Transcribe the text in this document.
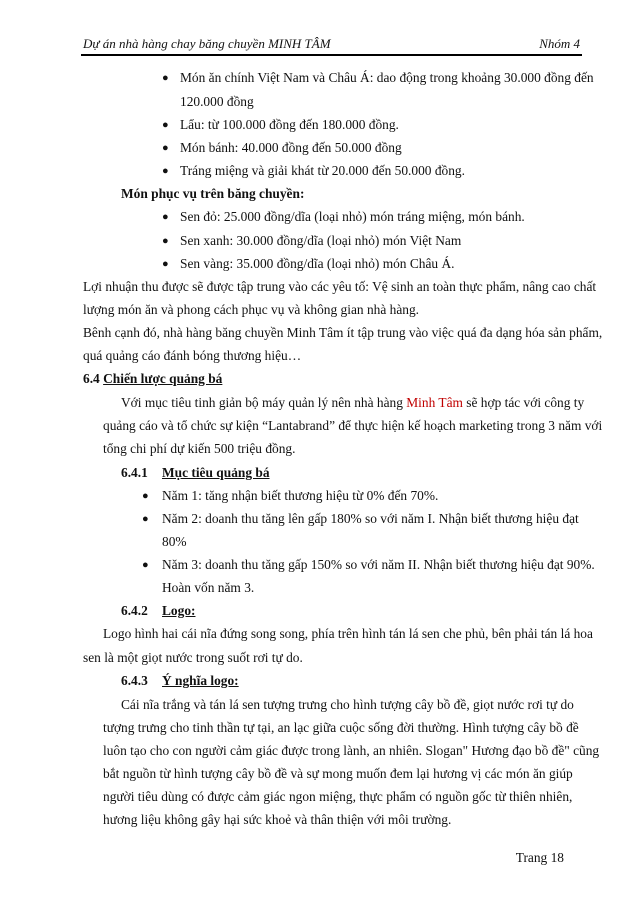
Dự án nhà hàng chay băng chuyền MINH TÂM	Nhóm 4
● Món ăn chính Việt Nam và Châu Á: dao động trong khoảng 30.000 đồng đến
120.000 đồng
● Lẩu: từ 100.000 đồng đến 180.000 đồng.
● Món bánh: 40.000 đồng đến 50.000 đồng
● Tráng miệng và giải khát từ 20.000 đến 50.000 đồng.
Món phục vụ trên băng chuyền:
● Sen đỏ: 25.000 đồng/dĩa (loại nhỏ) món tráng miệng, món bánh.
● Sen xanh: 30.000 đồng/dĩa (loại nhỏ) món Việt Nam
● Sen vàng: 35.000 đồng/dĩa (loại nhỏ) món Châu Á.
Lợi nhuận thu được sẽ được tập trung vào các yêu tố: Vệ sinh an toàn thực phẩm, nâng cao chất
lượng món ăn và phong cách phục vụ và không gian nhà hàng.
Bênh cạnh đó, nhà hàng băng chuyền Minh Tâm ít tập trung vào việc quá đa dạng hóa sản phẩm,
quá quảng cáo đánh bóng thương hiệu…
6.4 Chiến lược quảng bá
Với mục tiêu tinh giản bộ máy quản lý nên nhà hàng Minh Tâm sẽ hợp tác với công ty
quảng cáo và tổ chức sự kiện “Lantabrand” để thực hiện kế hoạch marketing trong 3 năm với
tổng chi phí dự kiến 500 triệu đồng.
6.4.1 Mục tiêu quảng bá
● Năm 1: tăng nhận biết thương hiệu từ 0% đến 70%.
● Năm 2: doanh thu tăng lên gấp 180% so với năm I. Nhận biết thương hiệu đạt
80%
● Năm 3: doanh thu tăng gấp 150% so với năm II. Nhận biết thương hiệu đạt 90%.
Hoàn vốn năm 3.
6.4.2 Logo:
Logo hình hai cái nĩa đứng song song, phía trên hình tán lá sen che phủ, bên phải tán lá hoa
sen là một giọt nước trong suốt rơi tự do.
6.4.3 Ý nghĩa logo:
Cái nĩa trắng và tán lá sen tượng trưng cho hình tượng cây bồ đề, giọt nước rơi tự do
tượng trưng cho tinh thần tự tại, an lạc giữa cuộc sống đời thường. Hình tượng cây bồ đề
luôn tạo cho con người cảm giác được trong lành, an nhiên. Slogan" Hương đạo bồ đề" cũng
bắt nguồn từ hình tượng cây bồ đề và sự mong muốn đem lại hương vị các món ăn giúp
người tiêu dùng có được cảm giác ngon miệng, thực phẩm có nguồn gốc từ thiên nhiên,
hương liệu không gây hại sức khoẻ và thân thiện với môi trường.
Trang 18
